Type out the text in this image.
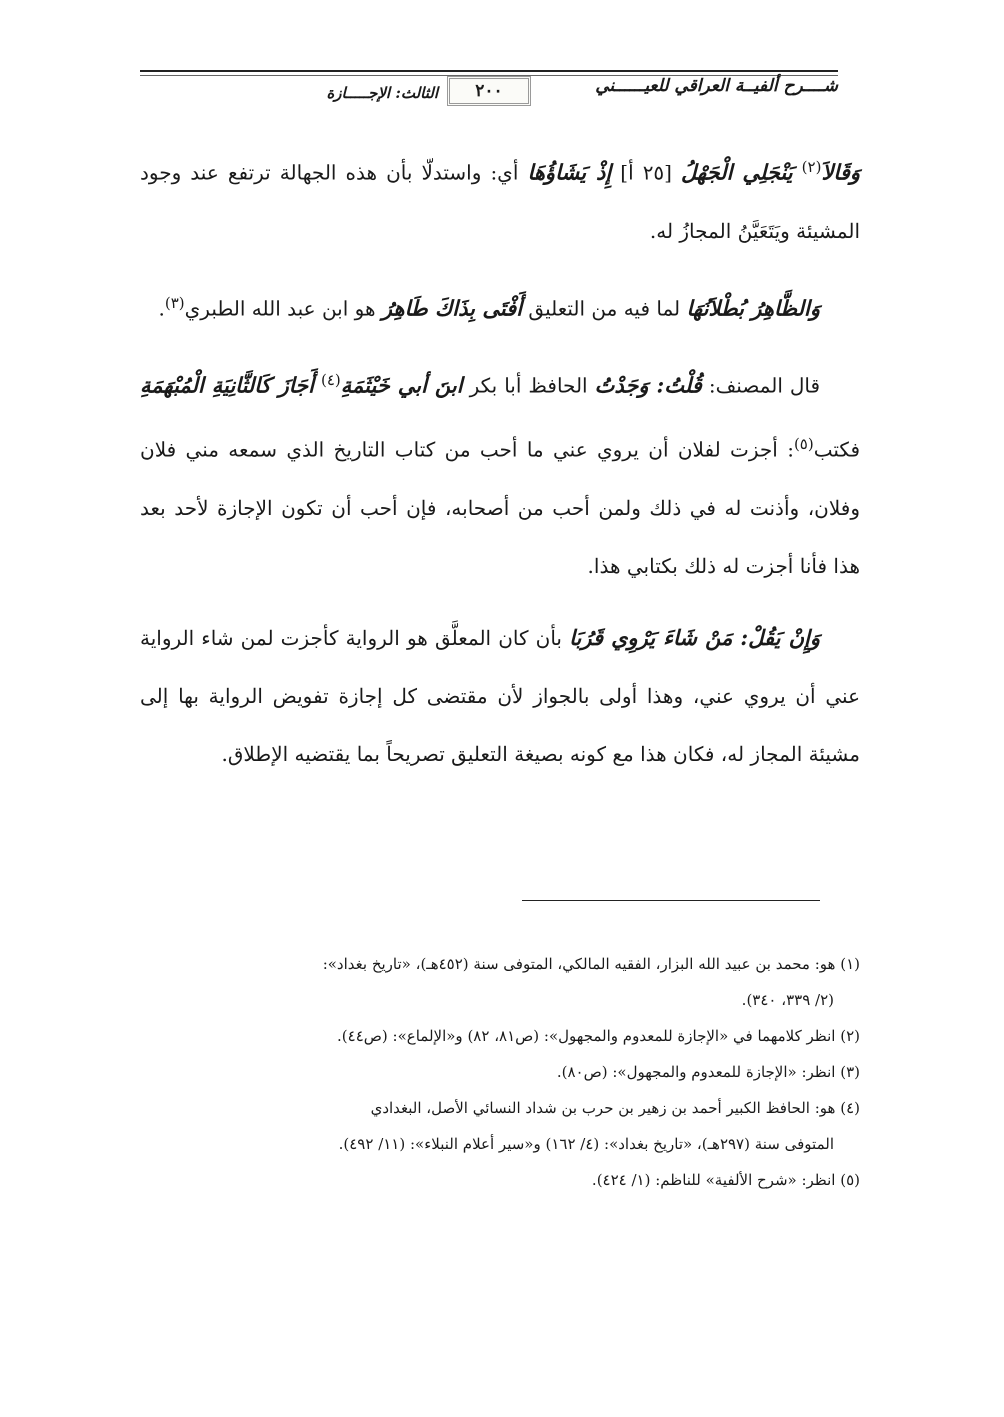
شــــرح ألفيــة العراقي للعيــــــني
٢٠٠
الثالث: الإجـــــازة

وَقَالاَ$^{(٢)}$ يَنْجَلِي الْجَهْلُ [٢٥ أ] إِذْ يَشَاؤُهَا أي: واستدلّا بأن هذه الجهالة ترتفع عند وجود المشيئة ويَتَعَيَّنُ المجازُ له.

وَالظَّاهِرُ بُطْلاَنُهَا لما فيه من التعليق أَفْتَى بِذَاكَ طَاهِرُ هو ابن عبد الله الطبري$^{(٣)}$.

قال المصنف: قُلْتُ: وَجَدْتُ الحافظ أبا بكر ابنَ أبي خَيْثَمَةِ$^{(٤)}$ أَجَازَ كَالثَّانِيَةِ الْمُبْهَمَةِ فكتب$^{(٥)}$: أجزت لفلان أن يروي عني ما أحب من كتاب التاريخ الذي سمعه مني فلان وفلان، وأذنت له في ذلك ولمن أحب من أصحابه، فإن أحب أن تكون الإجازة لأحد بعد هذا فأنا أجزت له ذلك بكتابي هذا.

وَإِنْ يَقُلْ: مَنْ شَاءَ يَرْوِي قَرُبَا بأن كان المعلَّق هو الرواية كأجزت لمن شاء الرواية عني أن يروي عني، وهذا أولى بالجواز لأن مقتضى كل إجازة تفويض الرواية بها إلى مشيئة المجاز له، فكان هذا مع كونه بصيغة التعليق تصريحاً بما يقتضيه الإطلاق.

(١) هو: محمد بن عبيد الله البزار، الفقيه المالكي، المتوفى سنة (٤٥٢هـ)، «تاريخ بغداد»:

(٢/ ٣٣٩، ٣٤٠).

(٢) انظر كلامهما في «الإجازة للمعدوم والمجهول»: (ص٨١، ٨٢) و«الإلماع»: (ص٤٤).

(٣) انظر: «الإجازة للمعدوم والمجهول»: (ص٨٠).

(٤) هو: الحافظ الكبير أحمد بن زهير بن حرب بن شداد النسائي الأصل، البغدادي

المتوفى سنة (٢٩٧هـ)، «تاريخ بغداد»: (٤/ ١٦٢) و«سير أعلام النبلاء»: (١١/ ٤٩٢).

(٥) انظر: «شرح الألفية» للناظم: (١/ ٤٢٤).
